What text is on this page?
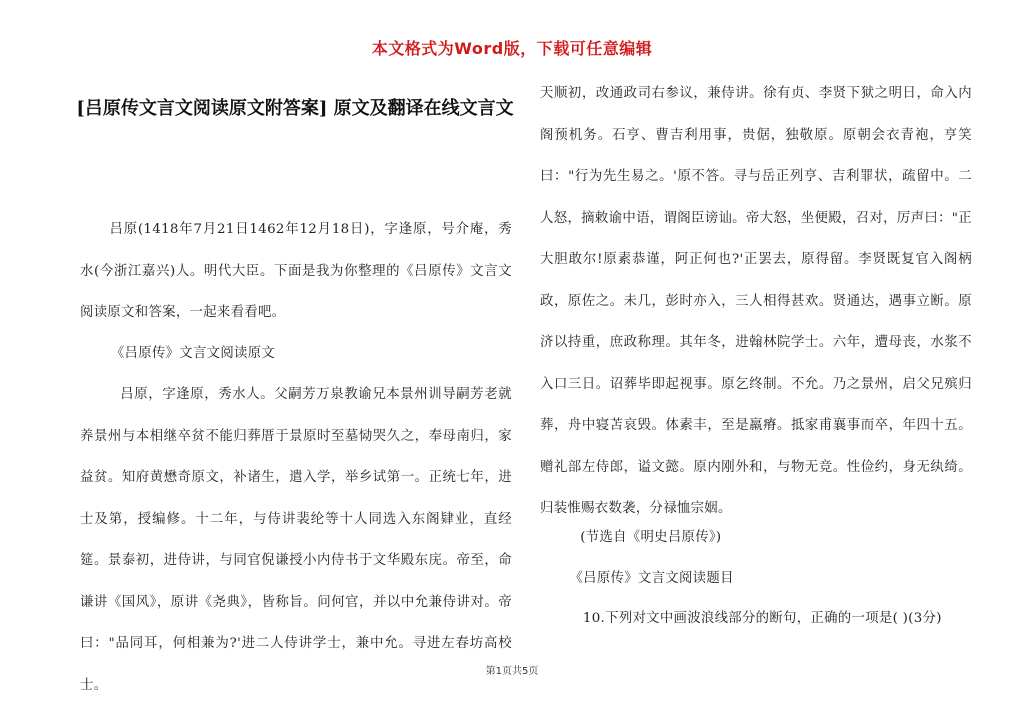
本文格式为Word版，下载可任意编辑
[吕原传文言文阅读原文附答案] 原文及翻译在线文言文
吕原(1418年7月21日1462年12月18日)，字逢原，号介庵，秀水(今浙江嘉兴)人。明代大臣。下面是我为你整理的《吕原传》文言文阅读原文和答案，一起来看看吧。
《吕原传》文言文阅读原文
吕原，字逢原，秀水人。父嗣芳万泉教谕兄本景州训导嗣芳老就养景州与本相继卒贫不能归葬厝于景原时至墓恸哭久之，奉母南归，家益贫。知府黄懋奇原文，补诸生，遣入学，举乡试第一。正统七年，进士及第，授编修。十二年，与侍讲裴纶等十人同选入东阁肄业，直经筵。景泰初，进侍讲，与同官倪谦授小内侍书于文华殿东庑。帝至，命谦讲《国风》，原讲《尧典》，皆称旨。问何官，并以中允兼侍讲对。帝曰："品同耳，何相兼为?'进二人侍讲学士，兼中允。寻进左春坊高校士。
天顺初，改通政司右参议，兼侍讲。徐有贞、李贤下狱之明日，命入内阁预机务。石亨、曹吉利用事，贵倨，独敬原。原朝会衣青袍，亨笑曰："行为先生易之。'原不答。寻与岳正列亨、吉利罪状，疏留中。二人怒，摘敕谕中语，谓阁臣谤讪。帝大怒，坐便殿，召对，厉声曰："正大胆敢尔!原素恭谨，阿正何也?'正罢去，原得留。李贤既复官入阁柄政，原佐之。未几，彭时亦入，三人相得甚欢。贤通达，遇事立断。原济以持重，庶政称理。其年冬，进翰林院学士。六年，遭母丧，水浆不入口三日。诏葬毕即起视事。原乞终制。不允。乃之景州，启父兄殡归葬，舟中寝苫哀毁。体素丰，至是羸瘠。抵家甫襄事而卒，年四十五。赠礼部左侍郎，谥文懿。原内刚外和，与物无竞。性俭约，身无纨绮。归装惟赐衣数袭，分禄恤宗姻。
(节选自《明史吕原传》)
《吕原传》文言文阅读题目
10.下列对文中画波浪线部分的断句，正确的一项是( )(3分)
第1页共5页
